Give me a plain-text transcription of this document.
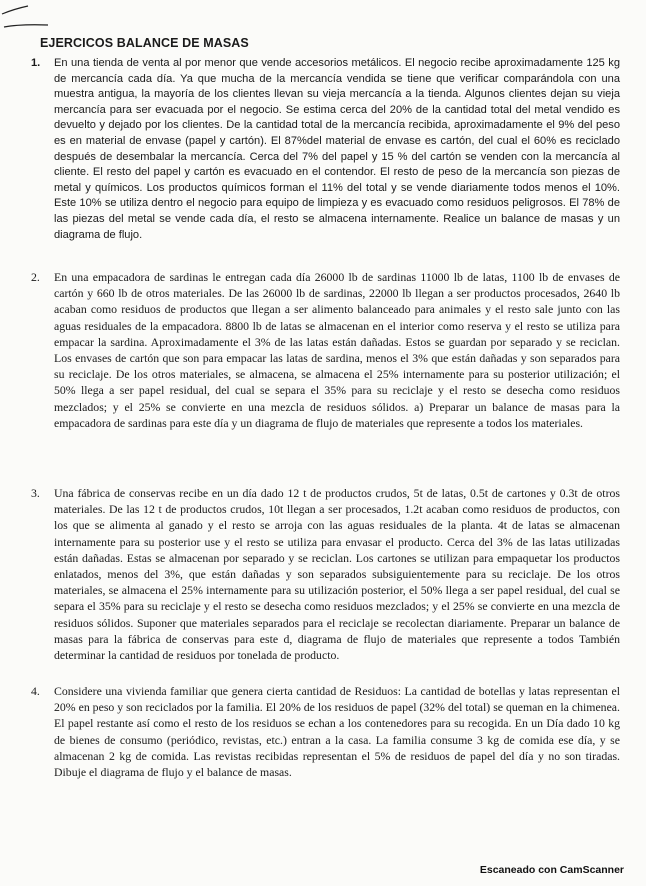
EJERCICOS BALANCE DE MASAS
1. En una tienda de venta al por menor que vende accesorios metálicos. El negocio recibe aproximadamente 125 kg de mercancía cada día. Ya que mucha de la mercancía vendida se tiene que verificar comparándola con una muestra antigua, la mayoría de los clientes llevan su vieja mercancía a la tienda. Algunos clientes dejan su vieja mercancía para ser evacuada por el negocio. Se estima cerca del 20% de la cantidad total del metal vendido es devuelto y dejado por los clientes. De la cantidad total de la mercancía recibida, aproximadamente el 9% del peso es en material de envase (papel y cartón). El 87%del material de envase es cartón, del cual el 60% es reciclado después de desembalar la mercancía. Cerca del 7% del papel y 15 % del cartón se venden con la mercancía al cliente. El resto del papel y cartón es evacuado en el contendor. El resto de peso de la mercancía son piezas de metal y químicos. Los productos químicos forman el 11% del total y se vende diariamente todos menos el 10%. Este 10% se utiliza dentro el negocio para equipo de limpieza y es evacuado como residuos peligrosos. El 78% de las piezas del metal se vende cada día, el resto se almacena internamente. Realice un balance de masas y un diagrama de flujo.
2. En una empacadora de sardinas le entregan cada día 26000 lb de sardinas 11000 lb de latas, 1100 lb de envases de cartón y 660 lb de otros materiales. De las 26000 lb de sardinas, 22000 lb llegan a ser productos procesados, 2640 lb acaban como residuos de productos que llegan a ser alimento balanceado para animales y el resto sale junto con las aguas residuales de la empacadora. 8800 lb de latas se almacenan en el interior como reserva y el resto se utiliza para empacar la sardina. Aproximadamente el 3% de las latas están dañadas. Estos se guardan por separado y se reciclan. Los envases de cartón que son para empacar las latas de sardina, menos el 3% que están dañadas y son separados para su reciclaje. De los otros materiales, se almacena, se almacena el 25% internamente para su posterior utilización; el 50% llega a ser papel residual, del cual se separa el 35% para su reciclaje y el resto se desecha como residuos mezclados; y el 25% se convierte en una mezcla de residuos sólidos. a) Preparar un balance de masas para la empacadora de sardinas para este día y un diagrama de flujo de materiales que represente a todos los materiales.
3. Una fábrica de conservas recibe en un día dado 12 t de productos crudos, 5t de latas, 0.5t de cartones y 0.3t de otros materiales. De las 12 t de productos crudos, 10t llegan a ser procesados, 1.2t acaban como residuos de productos, con los que se alimenta al ganado y el resto se arroja con las aguas residuales de la planta. 4t de latas se almacenan internamente para su posterior use y el resto se utiliza para envasar el producto. Cerca del 3% de las latas utilizadas están dañadas. Estas se almacenan por separado y se reciclan. Los cartones se utilizan para empaquetar los productos enlatados, menos del 3%, que están dañadas y son separados subsiguientemente para su reciclaje. De los otros materiales, se almacena el 25% internamente para su utilización posterior, el 50% llega a ser papel residual, del cual se separa el 35% para su reciclaje y el resto se desecha como residuos mezclados; y el 25% se convierte en una mezcla de residuos sólidos. Suponer que materiales separados para el reciclaje se recolectan diariamente. Preparar un balance de masas para la fábrica de conservas para este d, diagrama de flujo de materiales que represente a todos También determinar la cantidad de residuos por tonelada de producto.
4. Considere una vivienda familiar que genera cierta cantidad de Residuos: La cantidad de botellas y latas representan el 20% en peso y son reciclados por la familia. El 20% de los residuos de papel (32% del total) se queman en la chimenea. El papel restante así como el resto de los residuos se echan a los contenedores para su recogida. En un Día dado 10 kg de bienes de consumo (periódico, revistas, etc.) entran a la casa. La familia consume 3 kg de comida ese día, y se almacenan 2 kg de comida. Las revistas recibidas representan el 5% de residuos de papel del día y no son tiradas. Dibuje el diagrama de flujo y el balance de masas.
Escaneado con CamScanner
